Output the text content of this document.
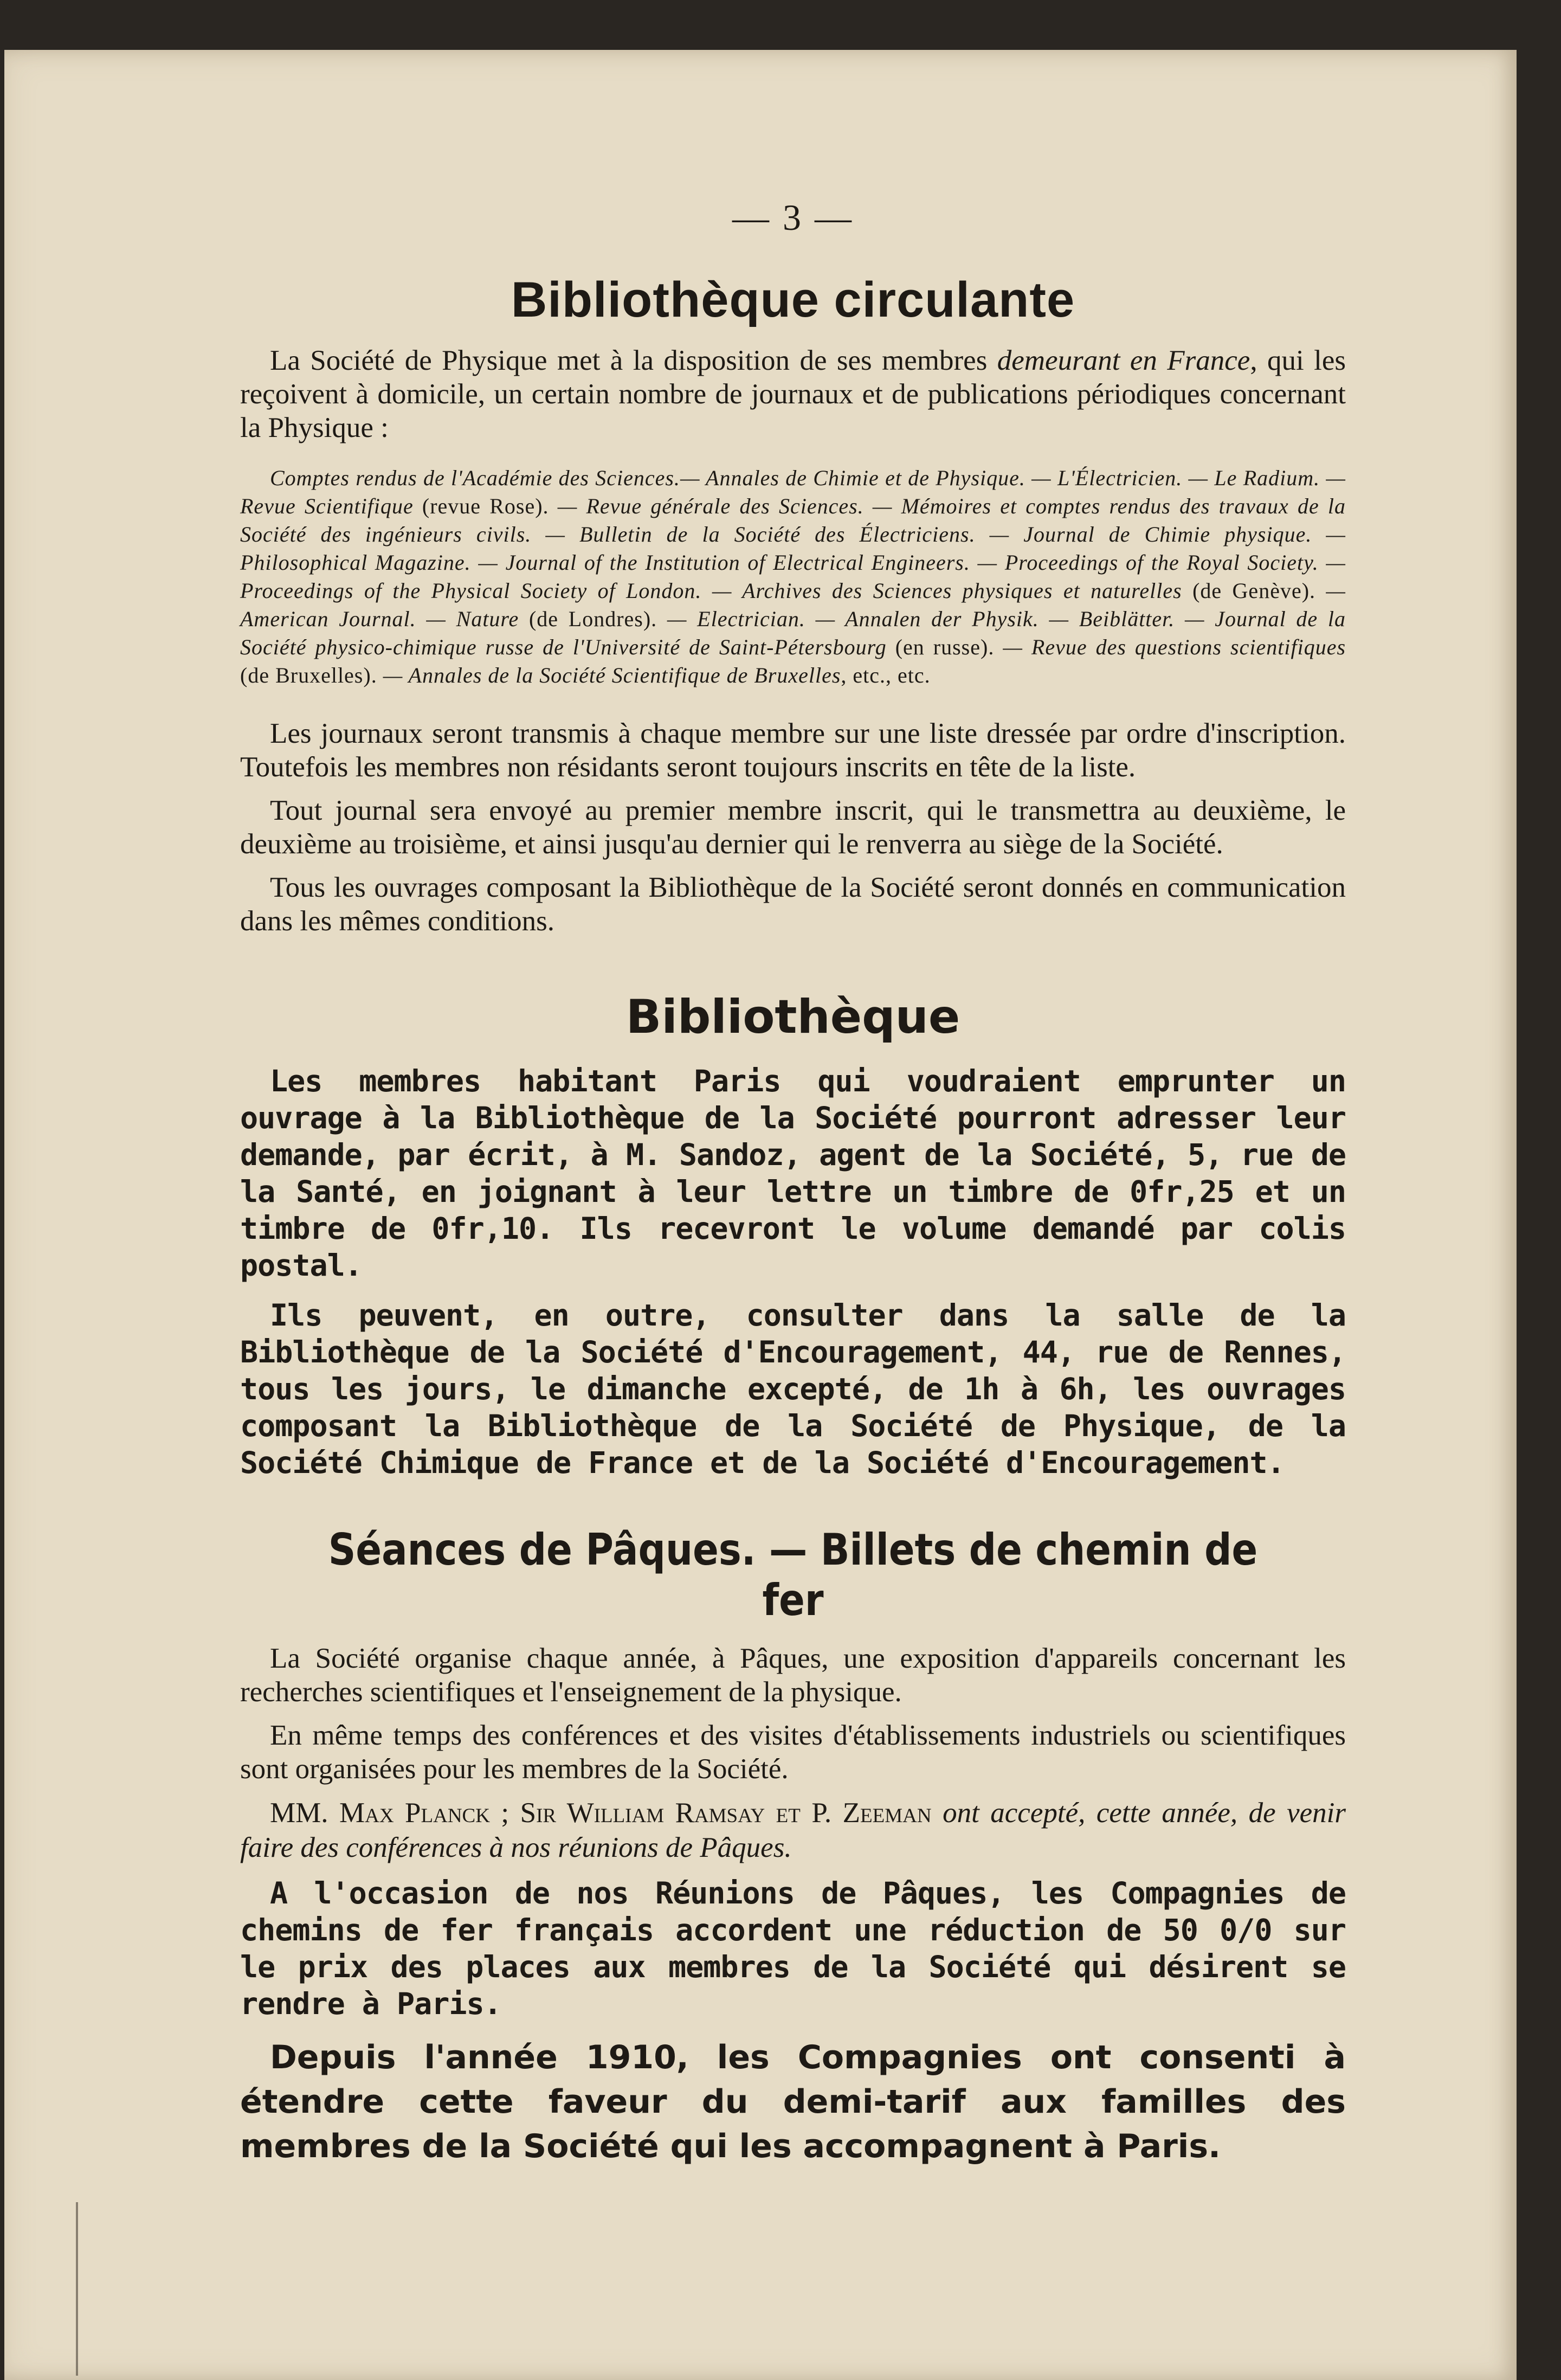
— 3 —
Bibliothèque circulante

La Société de Physique met à la disposition de ses membres demeurant en France, qui les reçoivent à domicile, un certain nombre de journaux et de publications périodiques concernant la Physique :

Comptes rendus de l'Académie des Sciences.— Annales de Chimie et de Physique. — L'Électricien. — Le Radium. — Revue Scientifique (revue Rose). — Revue générale des Sciences. — Mémoires et comptes rendus des travaux de la Société des ingénieurs civils. — Bulletin de la Société des Électriciens. — Journal de Chimie physique. — Philosophical Magazine. — Journal of the Institution of Electrical Engineers. — Proceedings of the Royal Society. — Proceedings of the Physical Society of London. — Archives des Sciences physiques et naturelles (de Genève). — American Journal. — Nature (de Londres). — Electrician. — Annalen der Physik. — Beiblätter. — Journal de la Société physico-chimique russe de l'Université de Saint-Pétersbourg (en russe). — Revue des questions scientifiques (de Bruxelles). — Annales de la Société Scientifique de Bruxelles, etc., etc.

Les journaux seront transmis à chaque membre sur une liste dressée par ordre d'inscription. Toutefois les membres non résidants seront toujours inscrits en tête de la liste.

Tout journal sera envoyé au premier membre inscrit, qui le transmettra au deuxième, le deuxième au troisième, et ainsi jusqu'au dernier qui le renverra au siège de la Société.

Tous les ouvrages composant la Bibliothèque de la Société seront donnés en communication dans les mêmes conditions.

Bibliothèque

Les membres habitant Paris qui voudraient emprunter un ouvrage à la Bibliothèque de la Société pourront adresser leur demande, par écrit, à M. Sandoz, agent de la Société, 5, rue de la Santé, en joignant à leur lettre un timbre de 0fr,25 et un timbre de 0fr,10. Ils recevront le volume demandé par colis postal.

Ils peuvent, en outre, consulter dans la salle de la Bibliothèque de la Société d'Encouragement, 44, rue de Rennes, tous les jours, le dimanche excepté, de 1h à 6h, les ouvrages composant la Bibliothèque de la Société de Physique, de la Société Chimique de France et de la Société d'Encouragement.

Séances de Pâques. — Billets de chemin de fer

La Société organise chaque année, à Pâques, une exposition d'appareils concernant les recherches scientifiques et l'enseignement de la physique.

En même temps des conférences et des visites d'établissements industriels ou scientifiques sont organisées pour les membres de la Société.

MM. Max Planck ; Sir William Ramsay et P. Zeeman ont accepté, cette année, de venir faire des conférences à nos réunions de Pâques.

A l'occasion de nos Réunions de Pâques, les Compagnies de chemins de fer français accordent une réduction de 50 0/0 sur le prix des places aux membres de la Société qui désirent se rendre à Paris.

Depuis l'année 1910, les Compagnies ont consenti à étendre cette faveur du demi-tarif aux familles des membres de la Société qui les accompagnent à Paris.
